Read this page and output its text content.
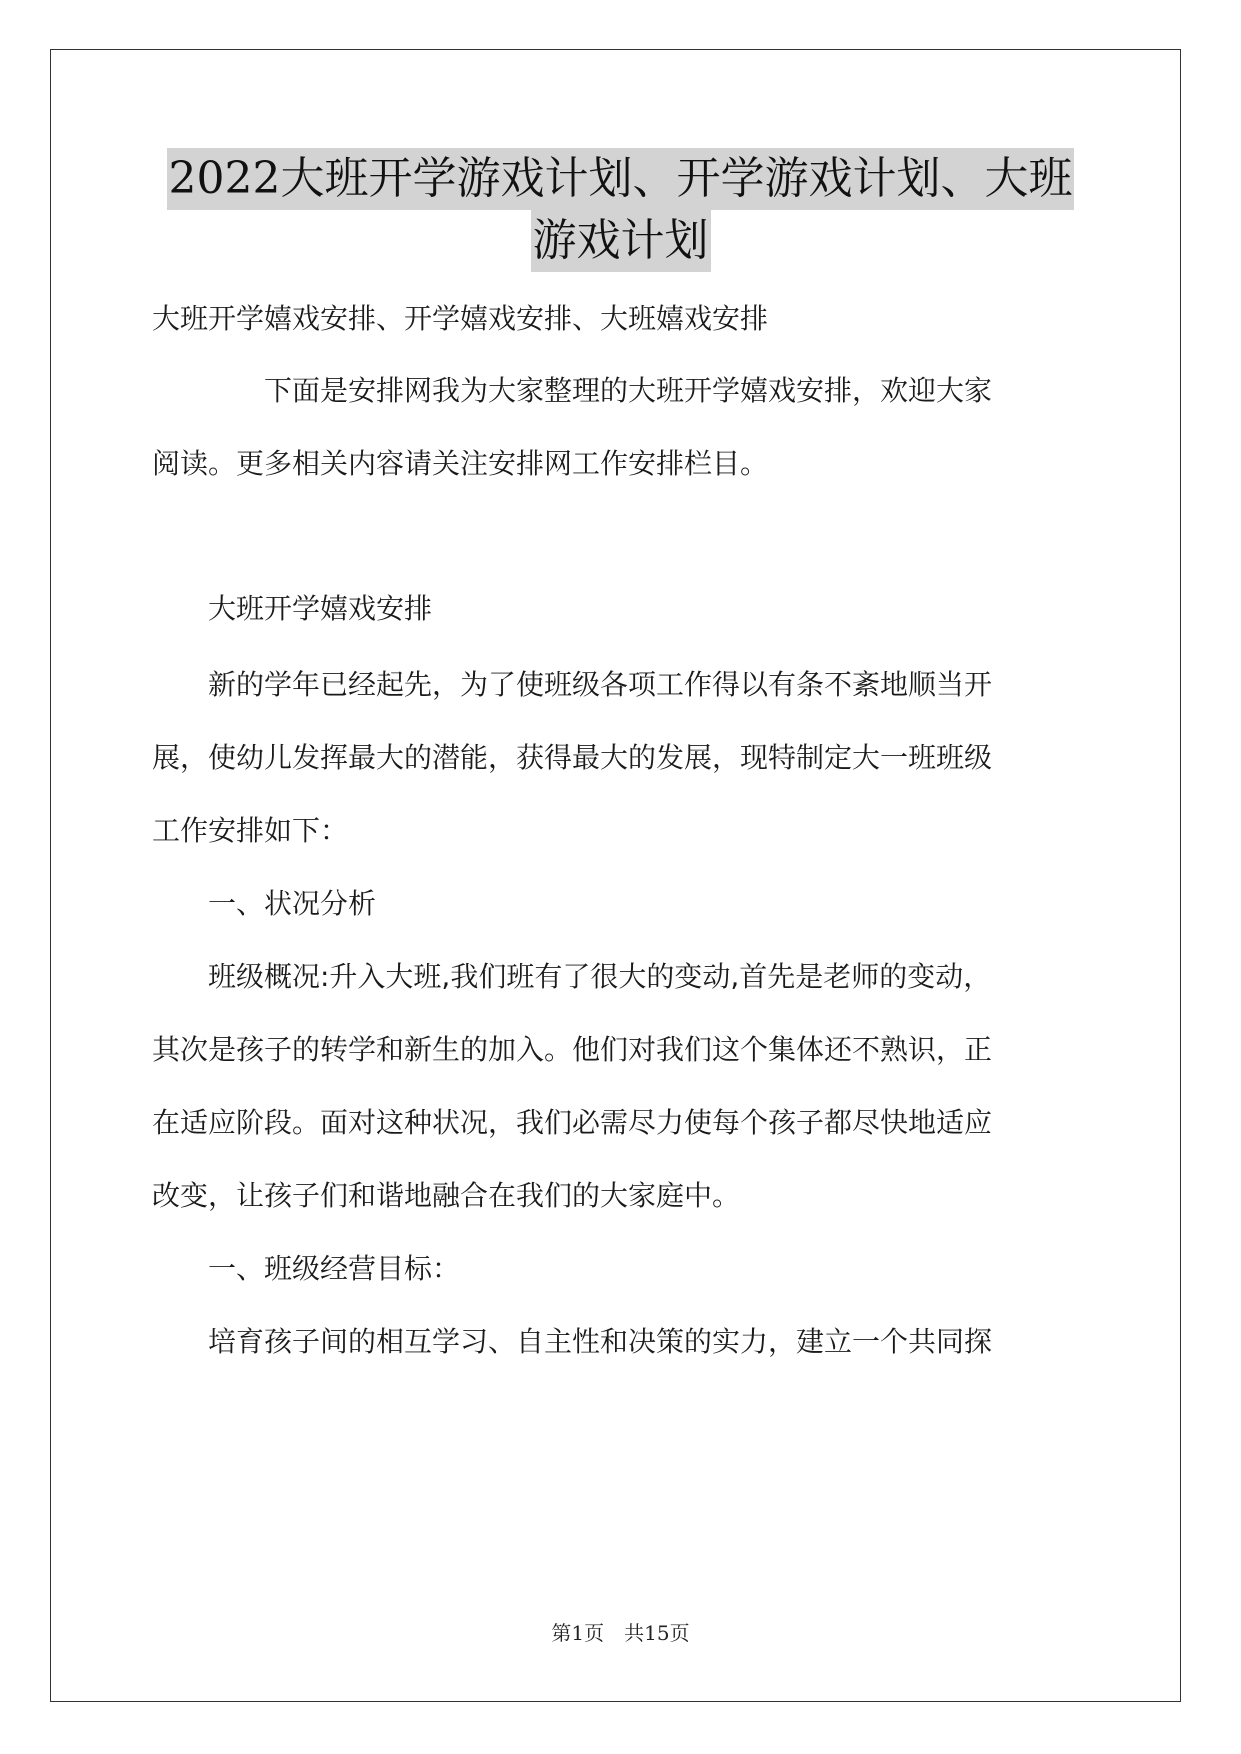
2022大班开学游戏计划、开学游戏计划、大班
游戏计划
大班开学嬉戏安排、开学嬉戏安排、大班嬉戏安排
　　　　下面是安排网我为大家整理的大班开学嬉戏安排，欢迎大家
阅读。更多相关内容请关注安排网工作安排栏目。
　　大班开学嬉戏安排
　　新的学年已经起先，为了使班级各项工作得以有条不紊地顺当开
展，使幼儿发挥最大的潜能，获得最大的发展，现特制定大一班班级
工作安排如下：
　　一、状况分析
　　班级概况:升入大班,我们班有了很大的变动,首先是老师的变动，
其次是孩子的转学和新生的加入。他们对我们这个集体还不熟识，正
在适应阶段。面对这种状况，我们必需尽力使每个孩子都尽快地适应
改变，让孩子们和谐地融合在我们的大家庭中。
　　一、班级经营目标：
　　培育孩子间的相互学习、自主性和决策的实力，建立一个共同探
第1页　共15页
